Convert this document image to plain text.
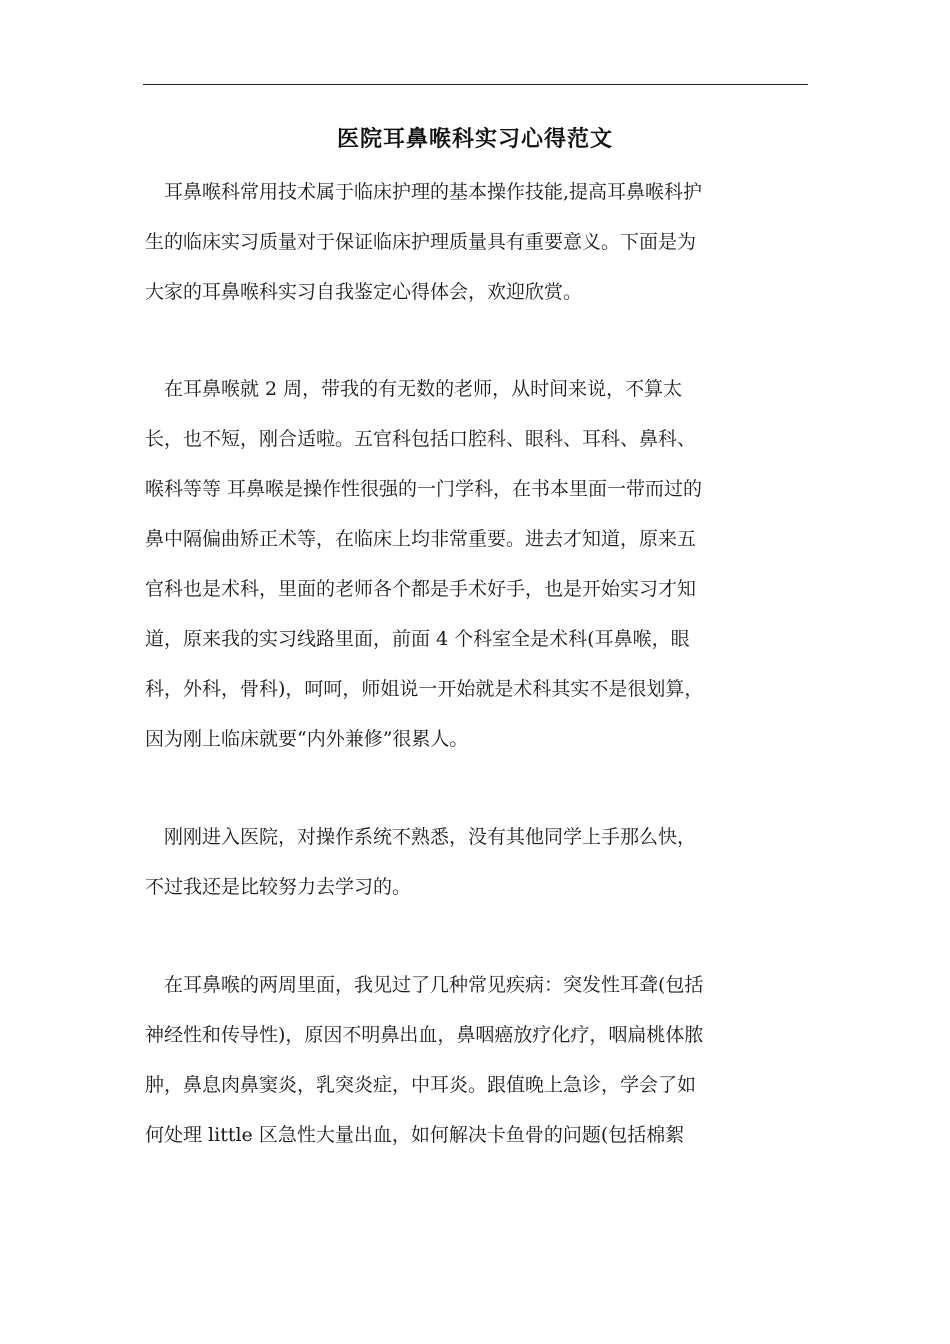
医院耳鼻喉科实习心得范文
　耳鼻喉科常用技术属于临床护理的基本操作技能,提高耳鼻喉科护
生的临床实习质量对于保证临床护理质量具有重要意义。下面是为
大家的耳鼻喉科实习自我鉴定心得体会，欢迎欣赏。
　在耳鼻喉就 2 周，带我的有无数的老师，从时间来说，不算太
长，也不短，刚合适啦。五官科包括口腔科、眼科、耳科、鼻科、
喉科等等 耳鼻喉是操作性很强的一门学科，在书本里面一带而过的
鼻中隔偏曲矫正术等，在临床上均非常重要。进去才知道，原来五
官科也是术科，里面的老师各个都是手术好手，也是开始实习才知
道，原来我的实习线路里面，前面 4 个科室全是术科(耳鼻喉，眼
科，外科，骨科)，呵呵，师姐说一开始就是术科其实不是很划算，
因为刚上临床就要“内外兼修”很累人。
　刚刚进入医院，对操作系统不熟悉，没有其他同学上手那么快，
不过我还是比较努力去学习的。
　在耳鼻喉的两周里面，我见过了几种常见疾病：突发性耳聋(包括
神经性和传导性)，原因不明鼻出血，鼻咽癌放疗化疗，咽扁桃体脓
肿，鼻息肉鼻窦炎，乳突炎症，中耳炎。跟值晚上急诊，学会了如
何处理 little 区急性大量出血，如何解决卡鱼骨的问题(包括棉絮
